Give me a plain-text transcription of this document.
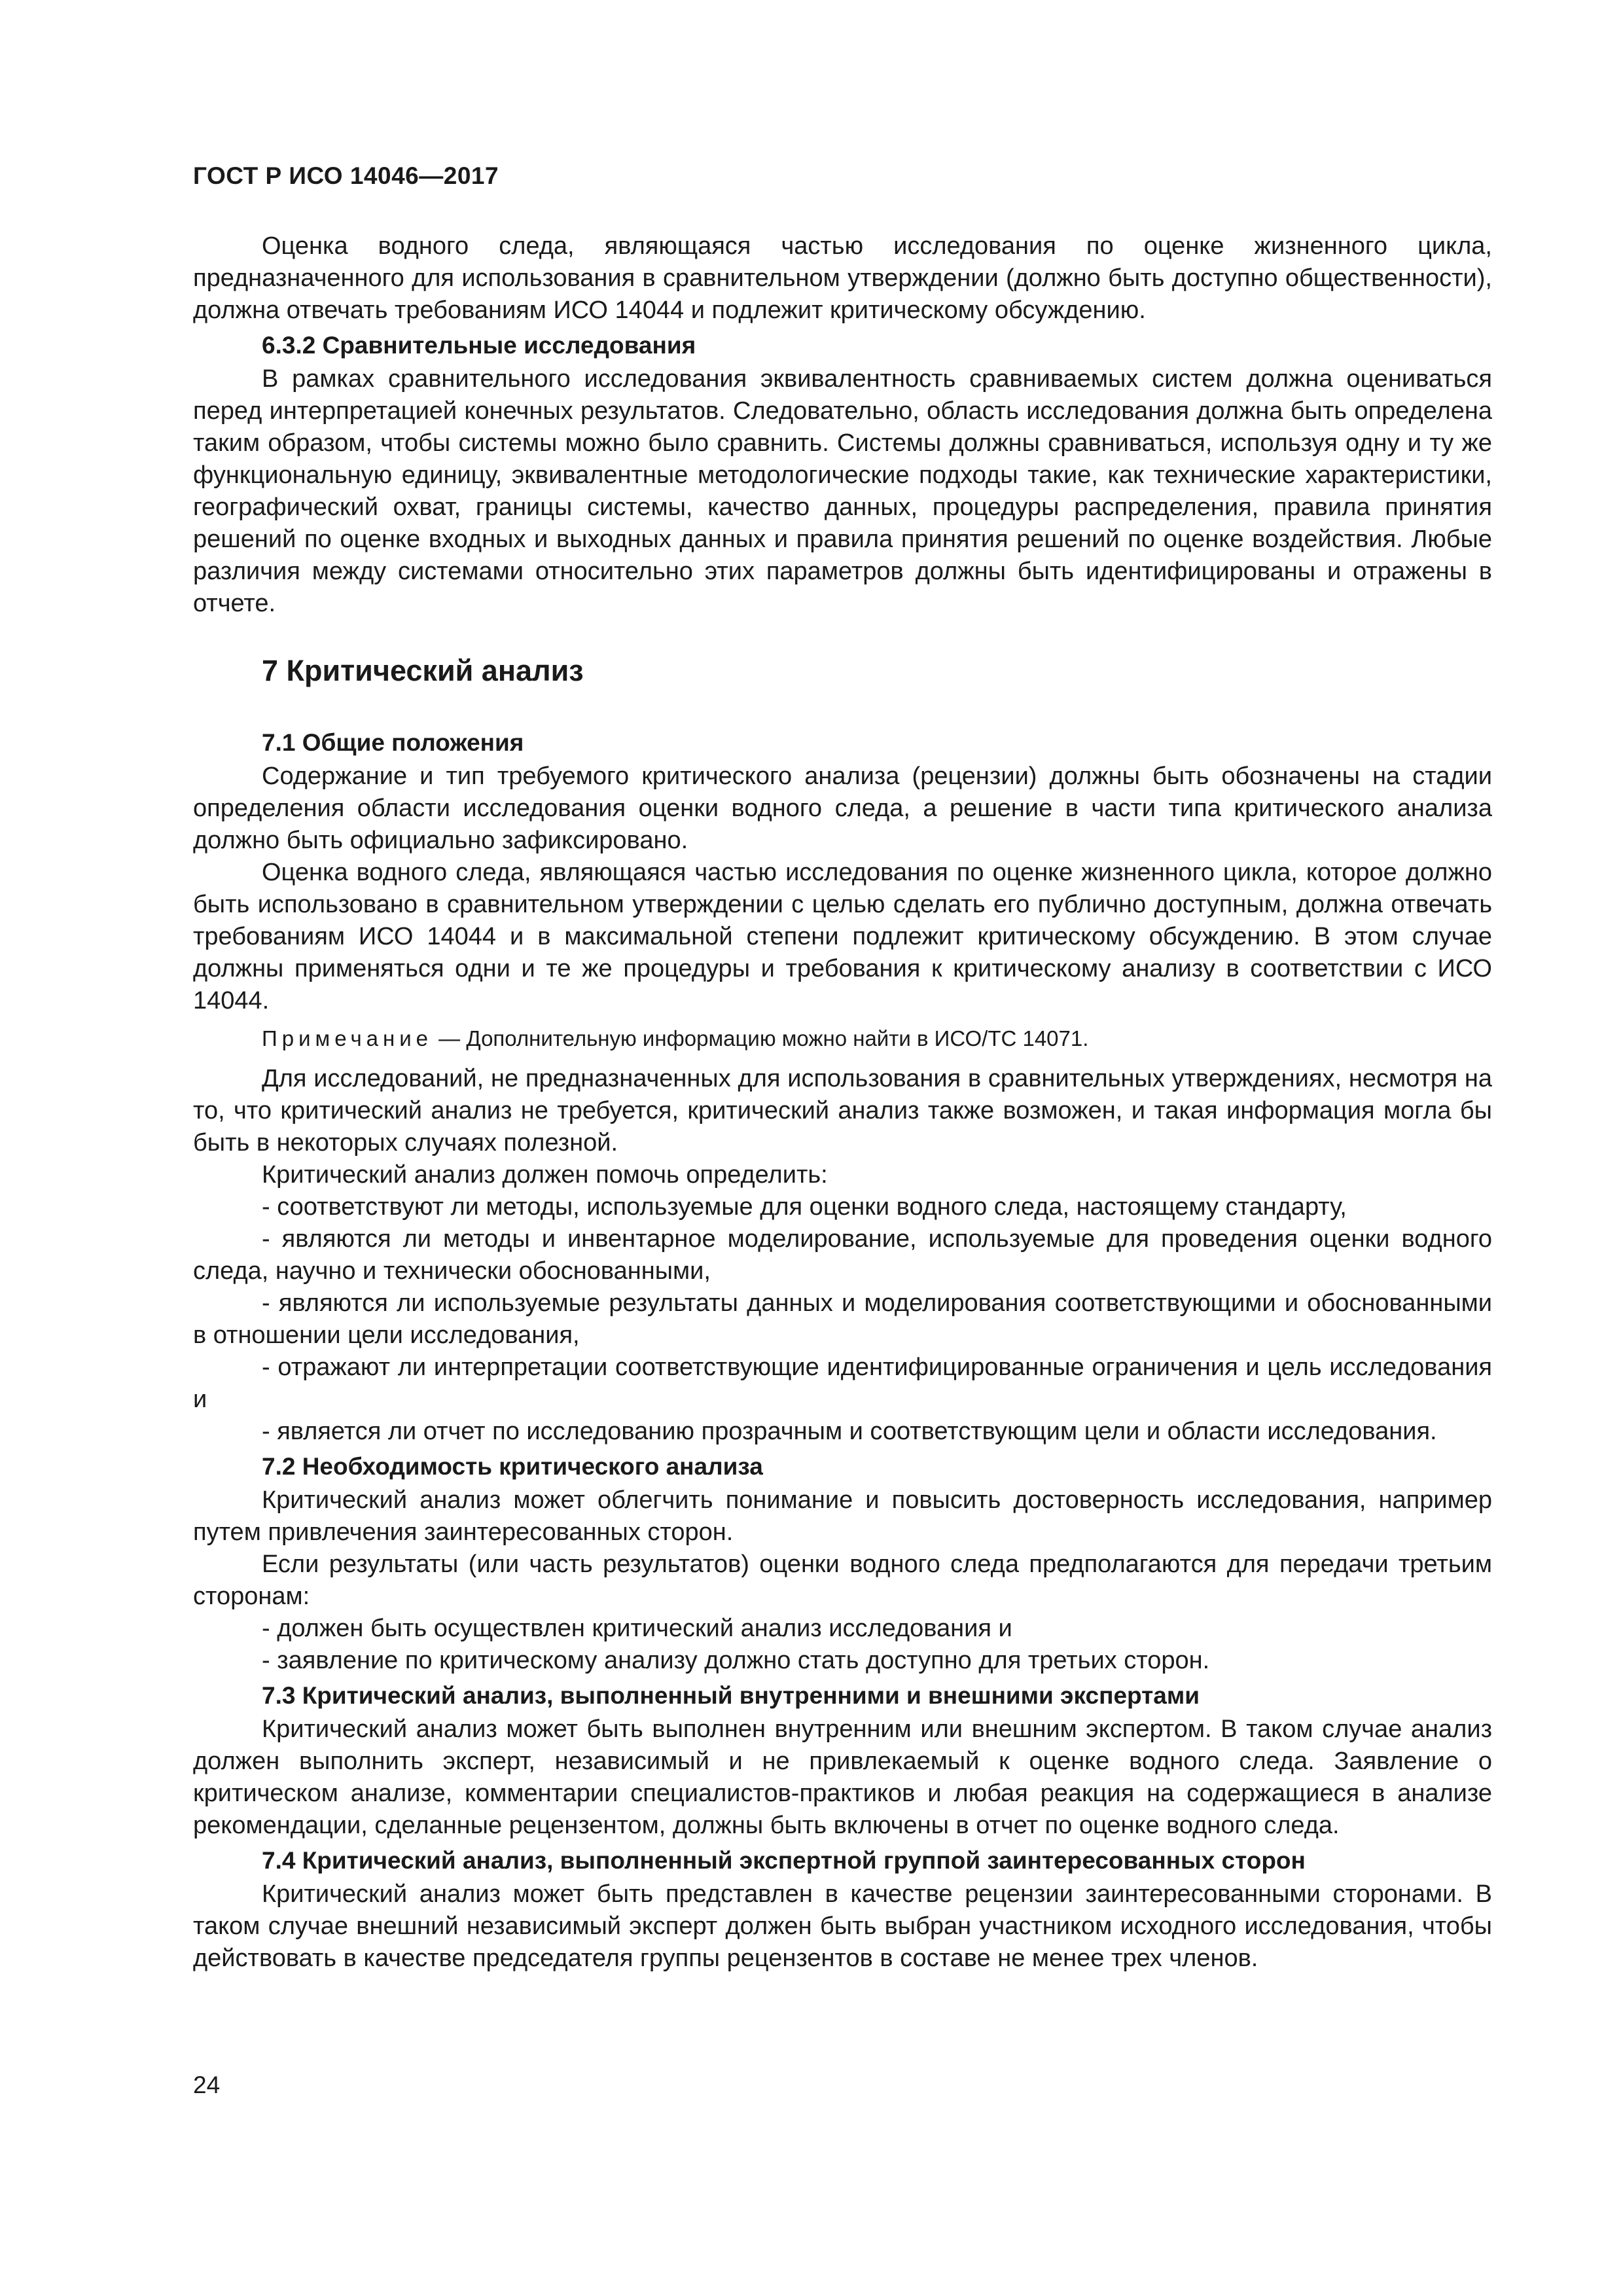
ГОСТ Р ИСО 14046—2017

Оценка водного следа, являющаяся частью исследования по оценке жизненного цикла, предназначенного для использования в сравнительном утверждении (должно быть доступно общественности), должна отвечать требованиям ИСО 14044 и подлежит критическому обсуждению.

6.3.2 Сравнительные исследования

В рамках сравнительного исследования эквивалентность сравниваемых систем должна оцениваться перед интерпретацией конечных результатов. Следовательно, область исследования должна быть определена таким образом, чтобы системы можно было сравнить. Системы должны сравниваться, используя одну и ту же функциональную единицу, эквивалентные методологические подходы такие, как технические характеристики, географический охват, границы системы, качество данных, процедуры распределения, правила принятия решений по оценке входных и выходных данных и правила принятия решений по оценке воздействия. Любые различия между системами относительно этих параметров должны быть идентифицированы и отражены в отчете.

7 Критический анализ
7.1 Общие положения

Содержание и тип требуемого критического анализа (рецензии) должны быть обозначены на стадии определения области исследования оценки водного следа, а решение в части типа критического анализа должно быть официально зафиксировано.

Оценка водного следа, являющаяся частью исследования по оценке жизненного цикла, которое должно быть использовано в сравнительном утверждении с целью сделать его публично доступным, должна отвечать требованиям ИСО 14044 и в максимальной степени подлежит критическому обсуждению. В этом случае должны применяться одни и те же процедуры и требования к критическому анализу в соответствии с ИСО 14044.

Примечание — Дополнительную информацию можно найти в ИСО/ТС 14071.

Для исследований, не предназначенных для использования в сравнительных утверждениях, несмотря на то, что критический анализ не требуется, критический анализ также возможен, и такая информация могла бы быть в некоторых случаях полезной.

Критический анализ должен помочь определить:

- соответствуют ли методы, используемые для оценки водного следа, настоящему стандарту,

- являются ли методы и инвентарное моделирование, используемые для проведения оценки водного следа, научно и технически обоснованными,

- являются ли используемые результаты данных и моделирования соответствующими и обоснованными в отношении цели исследования,

- отражают ли интерпретации соответствующие идентифицированные ограничения и цель исследования и

- является ли отчет по исследованию прозрачным и соответствующим цели и области исследования.

7.2 Необходимость критического анализа

Критический анализ может облегчить понимание и повысить достоверность исследования, например путем привлечения заинтересованных сторон.

Если результаты (или часть результатов) оценки водного следа предполагаются для передачи третьим сторонам:

- должен быть осуществлен критический анализ исследования и

- заявление по критическому анализу должно стать доступно для третьих сторон.

7.3 Критический анализ, выполненный внутренними и внешними экспертами

Критический анализ может быть выполнен внутренним или внешним экспертом. В таком случае анализ должен выполнить эксперт, независимый и не привлекаемый к оценке водного следа. Заявление о критическом анализе, комментарии специалистов-практиков и любая реакция на содержащиеся в анализе рекомендации, сделанные рецензентом, должны быть включены в отчет по оценке водного следа.

7.4 Критический анализ, выполненный экспертной группой заинтересованных сторон

Критический анализ может быть представлен в качестве рецензии заинтересованными сторонами. В таком случае внешний независимый эксперт должен быть выбран участником исходного исследования, чтобы действовать в качестве председателя группы рецензентов в составе не менее трех членов.

24
